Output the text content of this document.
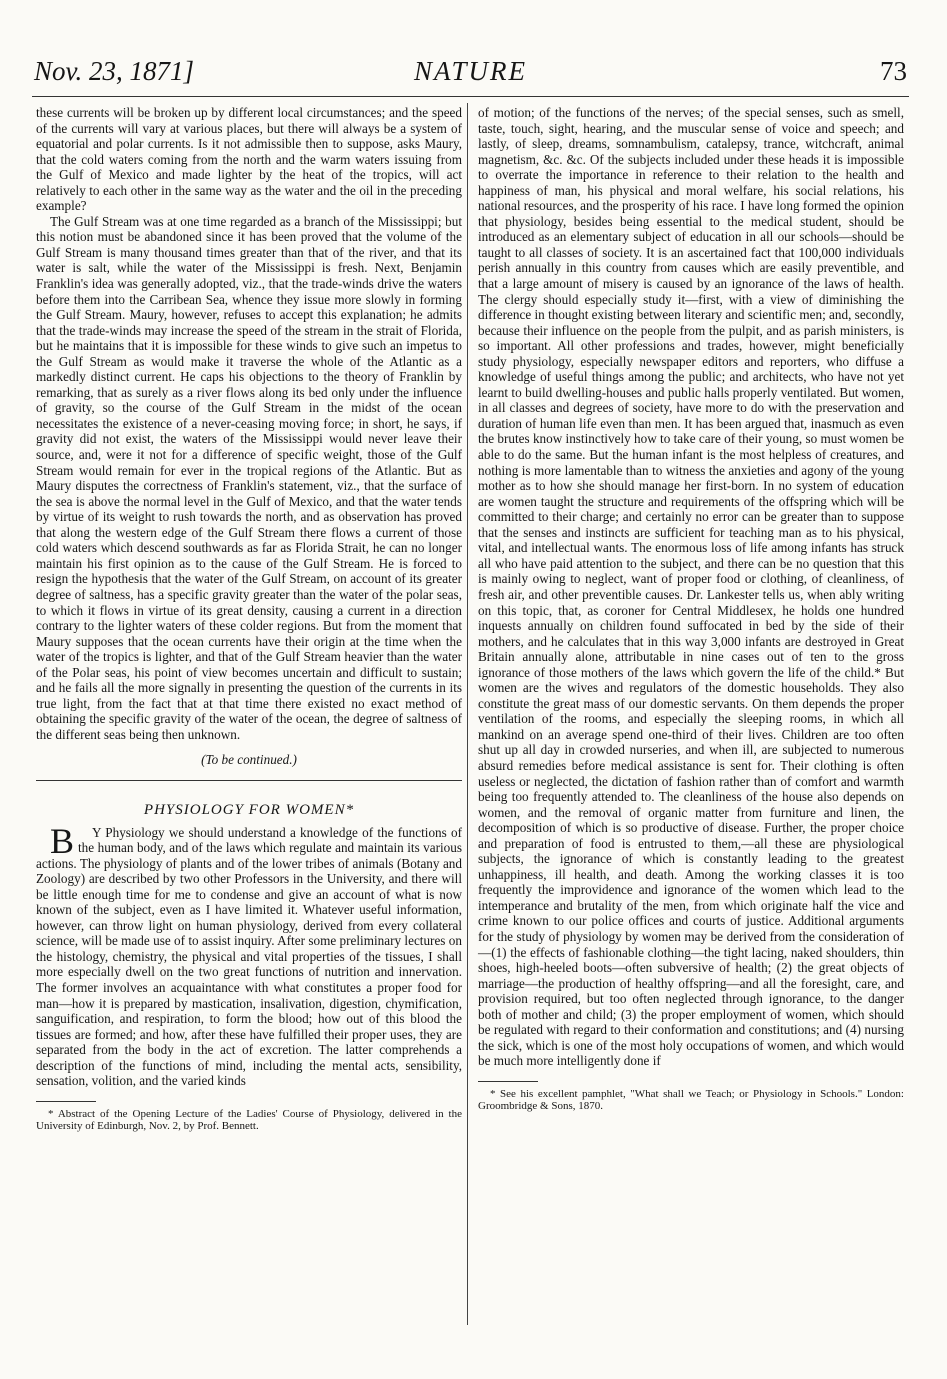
NATURE
Nov. 23, 1871]	73

these currents will be broken up by different local circumstances; and the speed of the currents will vary at various places, but there will always be a system of equatorial and polar currents. Is it not admissible then to suppose, asks Maury, that the cold waters coming from the north and the warm waters issuing from the Gulf of Mexico and made lighter by the heat of the tropics, will act relatively to each other in the same way as the water and the oil in the preceding example?

The Gulf Stream was at one time regarded as a branch of the Mississippi; but this notion must be abandoned since it has been proved that the volume of the Gulf Stream is many thousand times greater than that of the river, and that its water is salt, while the water of the Mississippi is fresh. Next, Benjamin Franklin's idea was generally adopted, viz., that the trade-winds drive the waters before them into the Carribean Sea, whence they issue more slowly in forming the Gulf Stream. Maury, however, refuses to accept this explanation; he admits that the trade-winds may increase the speed of the stream in the strait of Florida, but he maintains that it is impossible for these winds to give such an impetus to the Gulf Stream as would make it traverse the whole of the Atlantic as a markedly distinct current. He caps his objections to the theory of Franklin by remarking, that as surely as a river flows along its bed only under the influence of gravity, so the course of the Gulf Stream in the midst of the ocean necessitates the existence of a never-ceasing moving force; in short, he says, if gravity did not exist, the waters of the Mississippi would never leave their source, and, were it not for a difference of specific weight, those of the Gulf Stream would remain for ever in the tropical regions of the Atlantic. But as Maury disputes the correctness of Franklin's statement, viz., that the surface of the sea is above the normal level in the Gulf of Mexico, and that the water tends by virtue of its weight to rush towards the north, and as observation has proved that along the western edge of the Gulf Stream there flows a current of those cold waters which descend southwards as far as Florida Strait, he can no longer maintain his first opinion as to the cause of the Gulf Stream. He is forced to resign the hypothesis that the water of the Gulf Stream, on account of its greater degree of saltness, has a specific gravity greater than the water of the polar seas, to which it flows in virtue of its great density, causing a current in a direction contrary to the lighter waters of these colder regions. But from the moment that Maury supposes that the ocean currents have their origin at the time when the water of the tropics is lighter, and that of the Gulf Stream heavier than the water of the Polar seas, his point of view becomes uncertain and difficult to sustain; and he fails all the more signally in presenting the question of the currents in its true light, from the fact that at that time there existed no exact method of obtaining the specific gravity of the water of the ocean, the degree of saltness of the different seas being then unknown.

(To be continued.)
PHYSIOLOGY FOR WOMEN*

B Y Physiology we should understand a knowledge of the functions of the human body, and of the laws which regulate and maintain its various actions. The physiology of plants and of the lower tribes of animals (Botany and Zoology) are described by two other Professors in the University, and there will be little enough time for me to condense and give an account of what is now known of the subject, even as I have limited it. Whatever useful information, however, can throw light on human physiology, derived from every collateral science, will be made use of to assist inquiry. After some preliminary lectures on the histology, chemistry, the physical and vital properties of the tissues, I shall more especially dwell on the two great functions of nutrition and innervation. The former involves an acquaintance with what constitutes a proper food for man—how it is prepared by mastication, insalivation, digestion, chymification, sanguification, and respiration, to form the blood; how out of this blood the tissues are formed; and how, after these have fulfilled their proper uses, they are separated from the body in the act of excretion. The latter comprehends a description of the functions of mind, including the mental acts, sensibility, sensation, volition, and the varied kinds

* Abstract of the Opening Lecture of the Ladies' Course of Physiology, delivered in the University of Edinburgh, Nov. 2, by Prof. Bennett.

of motion; of the functions of the nerves; of the special senses, such as smell, taste, touch, sight, hearing, and the muscular sense of voice and speech; and lastly, of sleep, dreams, somnambulism, catalepsy, trance, witchcraft, animal magnetism, &c. &c. Of the subjects included under these heads it is impossible to overrate the importance in reference to their relation to the health and happiness of man, his physical and moral welfare, his social relations, his national resources, and the prosperity of his race. I have long formed the opinion that physiology, besides being essential to the medical student, should be introduced as an elementary subject of education in all our schools—should be taught to all classes of society. It is an ascertained fact that 100,000 individuals perish annually in this country from causes which are easily preventible, and that a large amount of misery is caused by an ignorance of the laws of health. The clergy should especially study it—first, with a view of diminishing the difference in thought existing between literary and scientific men; and, secondly, because their influence on the people from the pulpit, and as parish ministers, is so important. All other professions and trades, however, might beneficially study physiology, especially newspaper editors and reporters, who diffuse a knowledge of useful things among the public; and architects, who have not yet learnt to build dwelling-houses and public halls properly ventilated. But women, in all classes and degrees of society, have more to do with the preservation and duration of human life even than men. It has been argued that, inasmuch as even the brutes know instinctively how to take care of their young, so must women be able to do the same. But the human infant is the most helpless of creatures, and nothing is more lamentable than to witness the anxieties and agony of the young mother as to how she should manage her first-born. In no system of education are women taught the structure and requirements of the offspring which will be committed to their charge; and certainly no error can be greater than to suppose that the senses and instincts are sufficient for teaching man as to his physical, vital, and intellectual wants. The enormous loss of life among infants has struck all who have paid attention to the subject, and there can be no question that this is mainly owing to neglect, want of proper food or clothing, of cleanliness, of fresh air, and other preventible causes. Dr. Lankester tells us, when ably writing on this topic, that, as coroner for Central Middlesex, he holds one hundred inquests annually on children found suffocated in bed by the side of their mothers, and he calculates that in this way 3,000 infants are destroyed in Great Britain annually alone, attributable in nine cases out of ten to the gross ignorance of those mothers of the laws which govern the life of the child.* But women are the wives and regulators of the domestic households. They also constitute the great mass of our domestic servants. On them depends the proper ventilation of the rooms, and especially the sleeping rooms, in which all mankind on an average spend one-third of their lives. Children are too often shut up all day in crowded nurseries, and when ill, are subjected to numerous absurd remedies before medical assistance is sent for. Their clothing is often useless or neglected, the dictation of fashion rather than of comfort and warmth being too frequently attended to. The cleanliness of the house also depends on women, and the removal of organic matter from furniture and linen, the decomposition of which is so productive of disease. Further, the proper choice and preparation of food is entrusted to them,—all these are physiological subjects, the ignorance of which is constantly leading to the greatest unhappiness, ill health, and death. Among the working classes it is too frequently the improvidence and ignorance of the women which lead to the intemperance and brutality of the men, from which originate half the vice and crime known to our police offices and courts of justice. Additional arguments for the study of physiology by women may be derived from the consideration of—(1) the effects of fashionable clothing—the tight lacing, naked shoulders, thin shoes, high-heeled boots—often subversive of health; (2) the great objects of marriage—the production of healthy offspring—and all the foresight, care, and provision required, but too often neglected through ignorance, to the danger both of mother and child; (3) the proper employment of women, which should be regulated with regard to their conformation and constitutions; and (4) nursing the sick, which is one of the most holy occupations of women, and which would be much more intelligently done if

* See his excellent pamphlet, "What shall we Teach; or Physiology in Schools." London: Groombridge & Sons, 1870.
